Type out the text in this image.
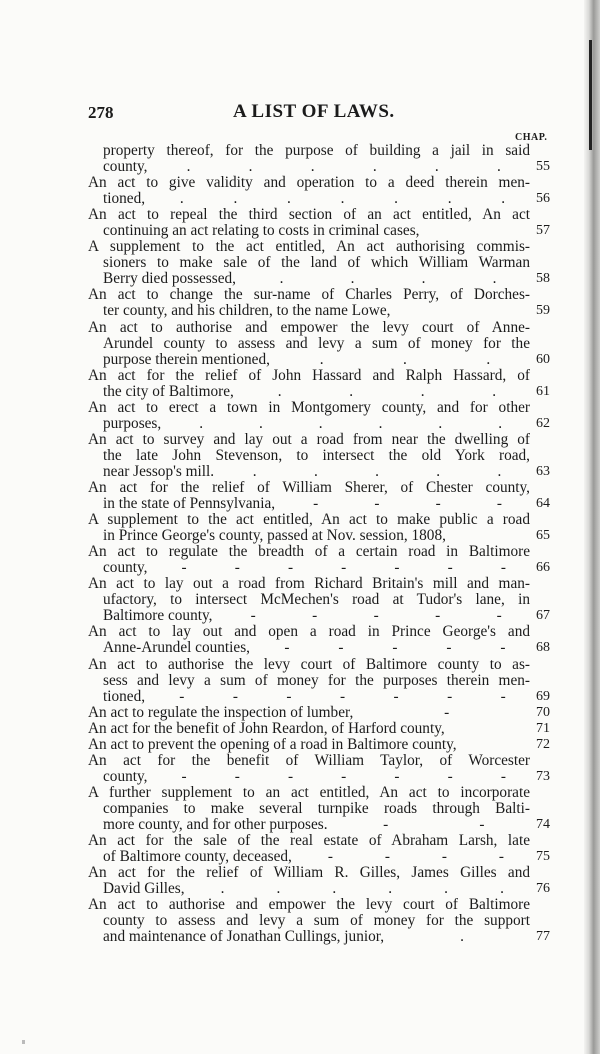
278	A LIST OF LAWS.
CHAP.
property thereof, for the purpose of building a jail in said
county,	.	.	.	.	.	.	55
An act to give validity and operation to a deed therein men-
tioned, .	.	.	.	.	.	. 56
An act to repeal the third section of an act entitled, An act
continuing an act relating to costs in criminal cases,	57
A supplement to the act entitled, An act authorising commis-
sioners to make sale of the land of which William Warman
Berry died possessed,	.	.	.	.	58
An act to change the sur-name of Charles Perry, of Dorches-
ter county, and his children, to the name Lowe,	59
An act to authorise and empower the levy court of Anne-
Arundel county to assess and levy a sum of money for the
purpose therein mentioned,	.	.	.	60
An act for the relief of John Hassard and Ralph Hassard, of
the city of Baltimore,	.	.	.	.	61
An act to erect a town in Montgomery county, and for other
purposes, .	.	.	.	.	. 62
An act to survey and lay out a road from near the dwelling of
the late John Stevenson, to intersect the old York road,
near Jessop's mill.	.	.	.	.	. 63
An act for the relief of William Sherer, of Chester county,
in the state of Pennsylvania, -	-	-	- 64
A supplement to the act entitled, An act to make public a road
in Prince George's county, passed at Nov. session, 1808,	65
An act to regulate the breadth of a certain road in Baltimore
county, -	-	-	-	-	-	- 66
An act to lay out a road from Richard Britain's mill and man-
ufactory, to intersect McMechen's road at Tudor's lane, in
Baltimore county, -	-	-	-	- 67
An act to lay out and open a road in Prince George's and
Anne-Arundel counties, -	-	-	-	- 68
An act to authorise the levy court of Baltimore county to as-
sess and levy a sum of money for the purposes therein men-
tioned, -	-	-	-	-	-	- 69
An act to regulate the inspection of lumber,	-	70
An act for the benefit of John Reardon, of Harford county,	71
An act to prevent the opening of a road in Baltimore county,	72
An act for the benefit of William Taylor, of Worcester
county, -	-	-	-	-	-	- 73
A further supplement to an act entitled, An act to incorporate
companies to make several turnpike roads through Balti-
more county, and for other purposes.	-	-	74
An act for the sale of the real estate of Abraham Larsh, late
of Baltimore county, deceased, -	-	-	- 75
An act for the relief of William R. Gilles, James Gilles and
David Gilles, .	.	.	.	.	. 76
An act to authorise and empower the levy court of Baltimore
county to assess and levy a sum of money for the support
and maintenance of Jonathan Cullings, junior,	.	77
